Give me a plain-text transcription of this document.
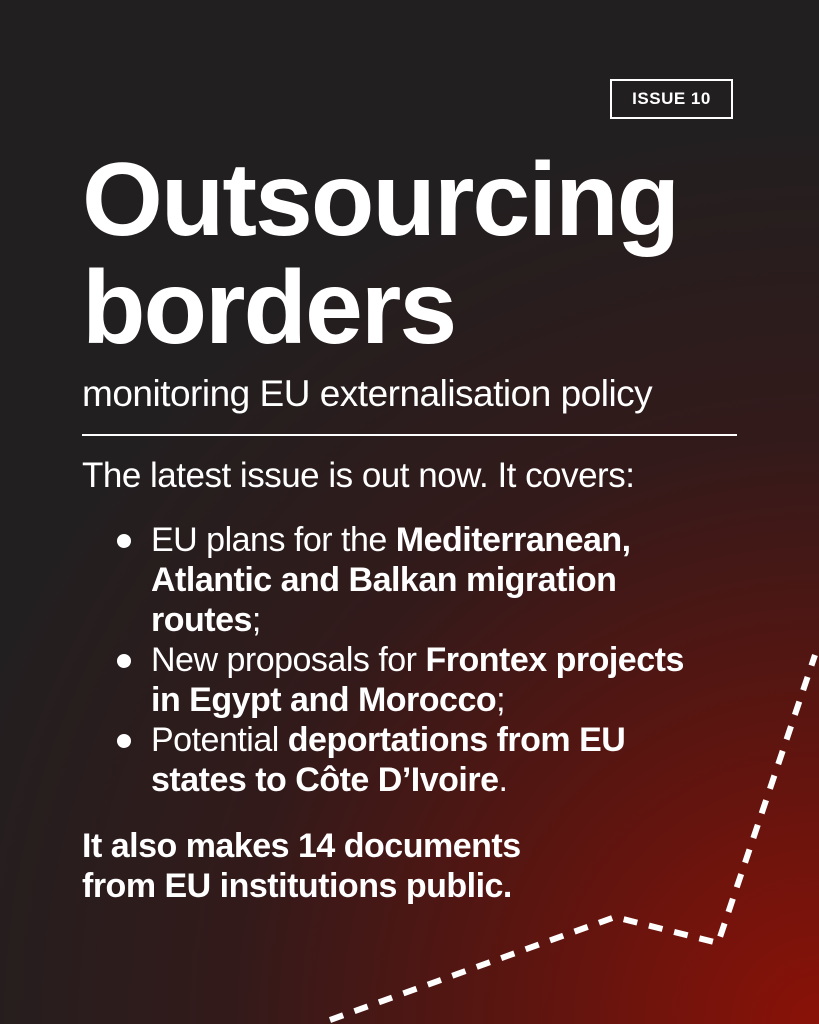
ISSUE 10
Outsourcing
borders
monitoring EU externalisation policy
The latest issue is out now. It covers:
EU plans for the Mediterranean, Atlantic and Balkan migration routes;
New proposals for Frontex projects in Egypt and Morocco;
Potential deportations from EU states to Côte D’Ivoire.
It also makes 14 documents
from EU institutions public.
